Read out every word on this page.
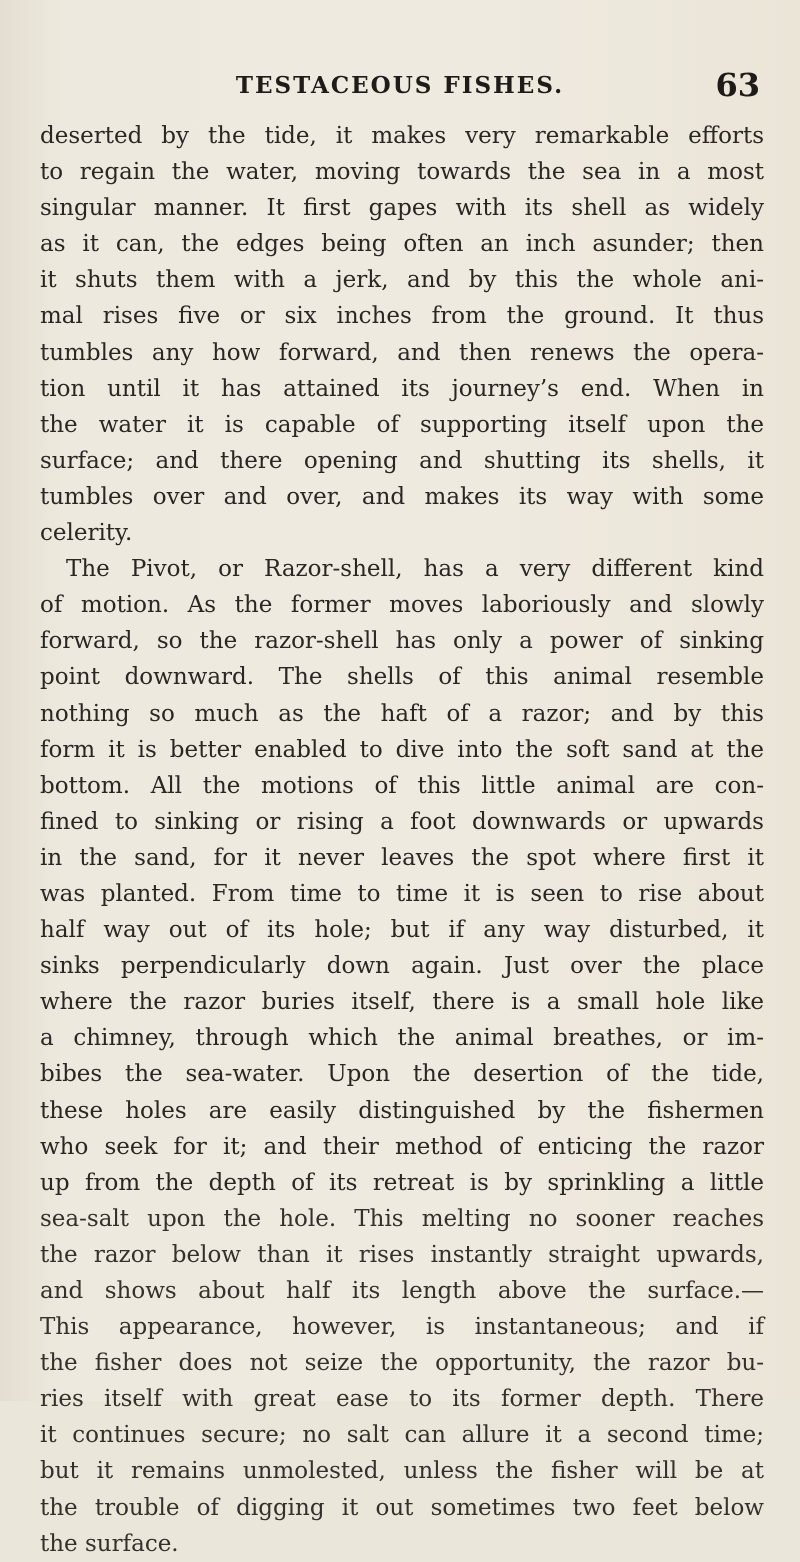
TESTACEOUS FISHES.	63
deserted by the tide, it makes very remarkable efforts
to regain the water, moving towards the sea in a most
singular manner. It first gapes with its shell as widely
as it can, the edges being often an inch asunder; then
it shuts them with a jerk, and by this the whole ani-
mal rises five or six inches from the ground. It thus
tumbles any how forward, and then renews the opera-
tion until it has attained its journey’s end. When in
the water it is capable of supporting itself upon the
surface; and there opening and shutting its shells, it
tumbles over and over, and makes its way with some
celerity.
The Pivot, or Razor-shell, has a very different kind
of motion. As the former moves laboriously and slowly
forward, so the razor-shell has only a power of sinking
point downward. The shells of this animal resemble
nothing so much as the haft of a razor; and by this
form it is better enabled to dive into the soft sand at the
bottom. All the motions of this little animal are con-
fined to sinking or rising a foot downwards or upwards
in the sand, for it never leaves the spot where first it
was planted. From time to time it is seen to rise about
half way out of its hole; but if any way disturbed, it
sinks perpendicularly down again. Just over the place
where the razor buries itself, there is a small hole like
a chimney, through which the animal breathes, or im-
bibes the sea-water. Upon the desertion of the tide,
these holes are easily distinguished by the fishermen
who seek for it; and their method of enticing the razor
up from the depth of its retreat is by sprinkling a little
sea-salt upon the hole. This melting no sooner reaches
the razor below than it rises instantly straight upwards,
and shows about half its length above the surface.—
This appearance, however, is instantaneous; and if
the fisher does not seize the opportunity, the razor bu-
ries itself with great ease to its former depth. There
it continues secure; no salt can allure it a second time;
but it remains unmolested, unless the fisher will be at
the trouble of digging it out sometimes two feet below
the surface.
